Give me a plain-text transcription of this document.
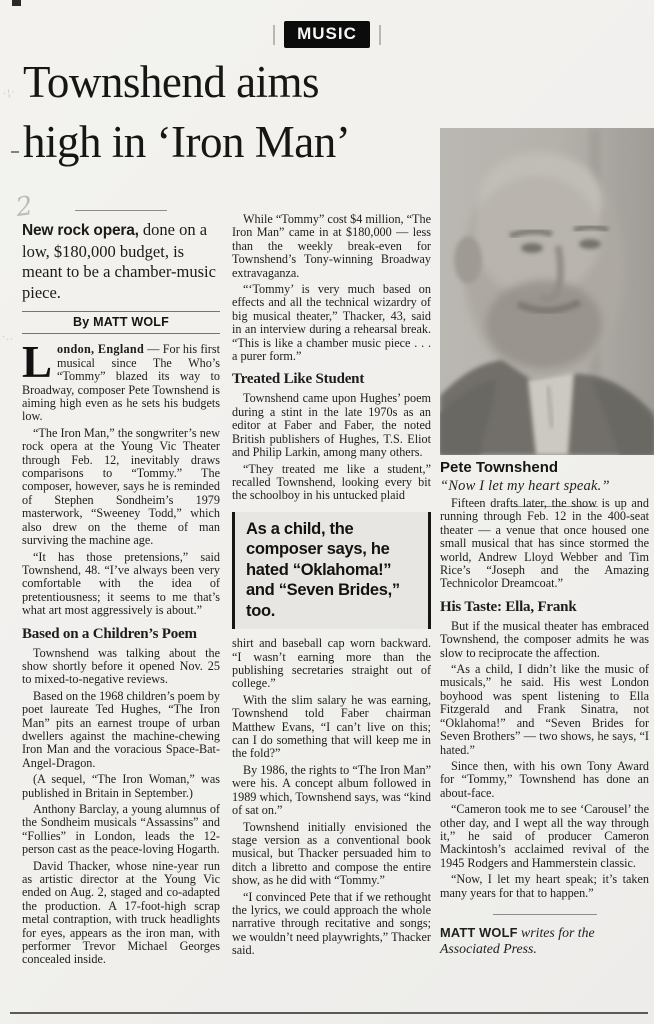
·¦·
2
·‥
MUSIC
Townshend aims
high in ‘Iron Man’
Pete Townshend
“Now I let my heart speak.”

New rock opera, done on a low, $180,000 budget, is meant to be a chamber-music piece.

By MATT WOLF

London, England — For his first musical since The Who’s “Tommy” blazed its way to Broadway, composer Pete Townshend is aiming high even as he sets his budgets low.

“The Iron Man,” the songwriter’s new rock opera at the Young Vic Theater through Feb. 12, inevitably draws comparisons to “Tommy.” The composer, however, says he is reminded of Stephen Sondheim’s 1979 masterwork, “Sweeney Todd,” which also drew on the theme of man surviving the machine age.

“It has those pretensions,” said Townshend, 48. “I’ve always been very comfortable with the idea of pretentiousness; it seems to me that’s what art most aggressively is about.”

Based on a Children’s Poem

Townshend was talking about the show shortly before it opened Nov. 25 to mixed-to-negative reviews.

Based on the 1968 children’s poem by poet laureate Ted Hughes, “The Iron Man” pits an earnest troupe of urban dwellers against the machine-chewing Iron Man and the voracious Space-Bat-Angel-Dragon.

(A sequel, “The Iron Woman,” was published in Britain in September.)

Anthony Barclay, a young alumnus of the Sondheim musicals “Assassins” and “Follies” in London, leads the 12-person cast as the peace-loving Hogarth.

David Thacker, whose nine-year run as artistic director at the Young Vic ended on Aug. 2, staged and co-adapted the production. A 17-foot-high scrap metal contraption, with truck headlights for eyes, appears as the iron man, with performer Trevor Michael Georges concealed inside.

While “Tommy” cost $4 million, “The Iron Man” came in at $180,000 — less than the weekly break-even for Townshend’s Tony-winning Broadway extravaganza.

“‘Tommy’ is very much based on effects and all the technical wizardry of big musical theater,” Thacker, 43, said in an interview during a rehearsal break. “This is like a chamber music piece . . . a purer form.”

Treated Like Student

Townshend came upon Hughes’ poem during a stint in the late 1970s as an editor at Faber and Faber, the noted British publishers of Hughes, T.S. Eliot and Philip Larkin, among many others.

“They treated me like a student,” recalled Townshend, looking every bit the schoolboy in his untucked plaid

As a child, the composer says, he hated “Oklahoma!” and “Seven Brides,” too.

shirt and baseball cap worn backward. “I wasn’t earning more than the publishing secretaries straight out of college.”

With the slim salary he was earning, Townshend told Faber chairman Matthew Evans, “I can’t live on this; can I do something that will keep me in the fold?”

By 1986, the rights to “The Iron Man” were his. A concept album followed in 1989 which, Townshend says, was “kind of sat on.”

Townshend initially envisioned the stage version as a conventional book musical, but Thacker persuaded him to ditch a libretto and compose the entire show, as he did with “Tommy.”

“I convinced Pete that if we rethought the lyrics, we could approach the whole narrative through recitative and songs; we wouldn’t need playwrights,” Thacker said.

Fifteen drafts later, the show is up and running through Feb. 12 in the 400-seat theater — a venue that once housed one small musical that has since stormed the world, Andrew Lloyd Webber and Tim Rice’s “Joseph and the Amazing Technicolor Dreamcoat.”

His Taste: Ella, Frank

But if the musical theater has embraced Townshend, the composer admits he was slow to reciprocate the affection.

“As a child, I didn’t like the music of musicals,” he said. His west London boyhood was spent listening to Ella Fitzgerald and Frank Sinatra, not “Oklahoma!” and “Seven Brides for Seven Brothers” — two shows, he says, “I hated.”

Since then, with his own Tony Award for “Tommy,” Townshend has done an about-face.

“Cameron took me to see ‘Carousel’ the other day, and I wept all the way through it,” he said of producer Cameron Mackintosh’s acclaimed revival of the 1945 Rodgers and Hammerstein classic.

“Now, I let my heart speak; it’s taken many years for that to happen.”

MATT WOLF writes for the Associated Press.
